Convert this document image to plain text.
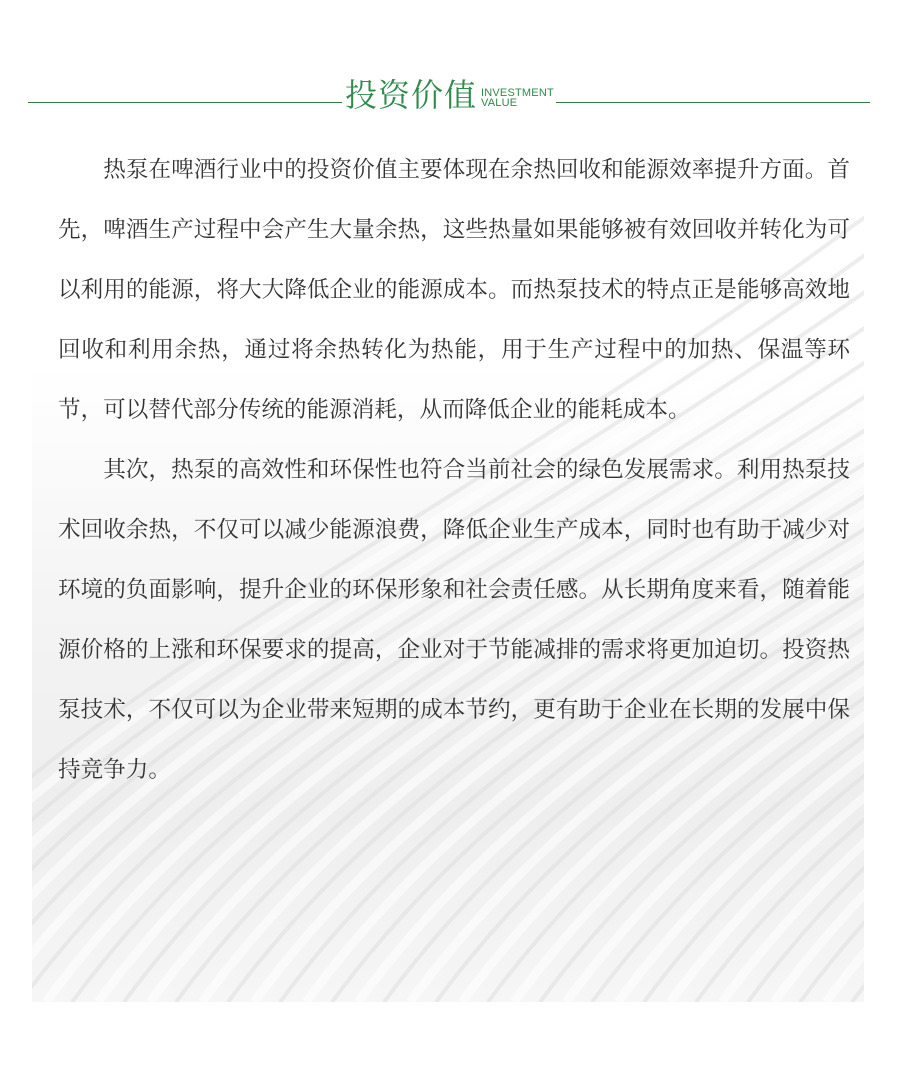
投资价值 INVESTMENT
VALUE

热泵在啤酒行业中的投资价值主要体现在余热回收和能源效率提升方面。首先，啤酒生产过程中会产生大量余热，这些热量如果能够被有效回收并转化为可以利用的能源，将大大降低企业的能源成本。而热泵技术的特点正是能够高效地回收和利用余热，通过将余热转化为热能，用于生产过程中的加热、保温等环节，可以替代部分传统的能源消耗，从而降低企业的能耗成本。

其次，热泵的高效性和环保性也符合当前社会的绿色发展需求。利用热泵技术回收余热，不仅可以减少能源浪费，降低企业生产成本，同时也有助于减少对环境的负面影响，提升企业的环保形象和社会责任感。从长期角度来看，随着能源价格的上涨和环保要求的提高，企业对于节能减排的需求将更加迫切。投资热泵技术，不仅可以为企业带来短期的成本节约，更有助于企业在长期的发展中保持竞争力。
